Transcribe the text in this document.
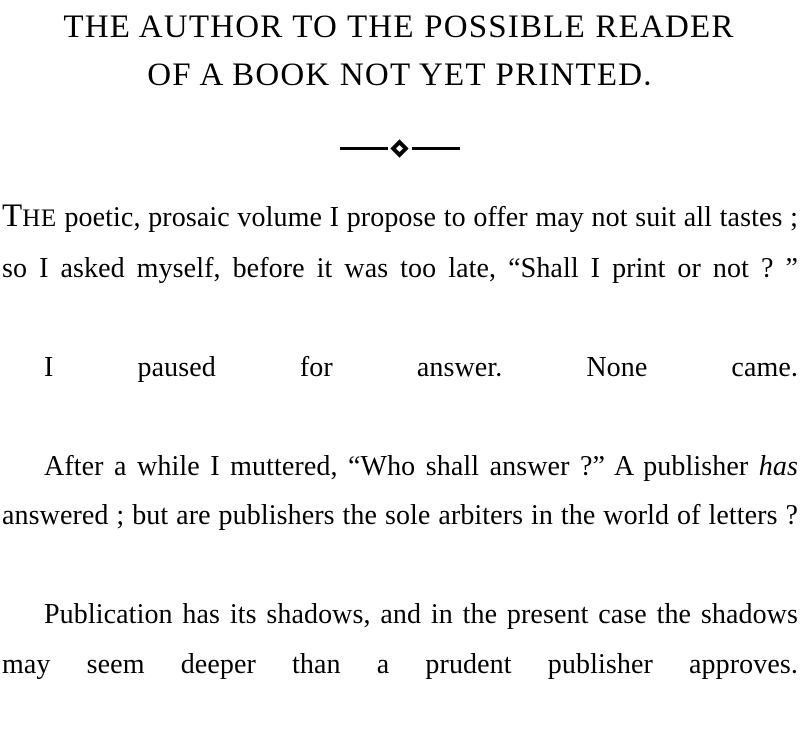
THE AUTHOR TO THE POSSIBLE READER
OF A BOOK NOT YET PRINTED.

THE poetic, prosaic volume I propose to offer may not suit all tastes ; so I asked myself, before it was too late, “Shall I print or not ? ”

I paused for answer. None came.

After a while I muttered, “Who shall answer ?” A publisher has answered ; but are publishers the sole arbiters in the world of letters ?

Publication has its shadows, and in the present case the shadows may seem deeper than a prudent publisher approves.
